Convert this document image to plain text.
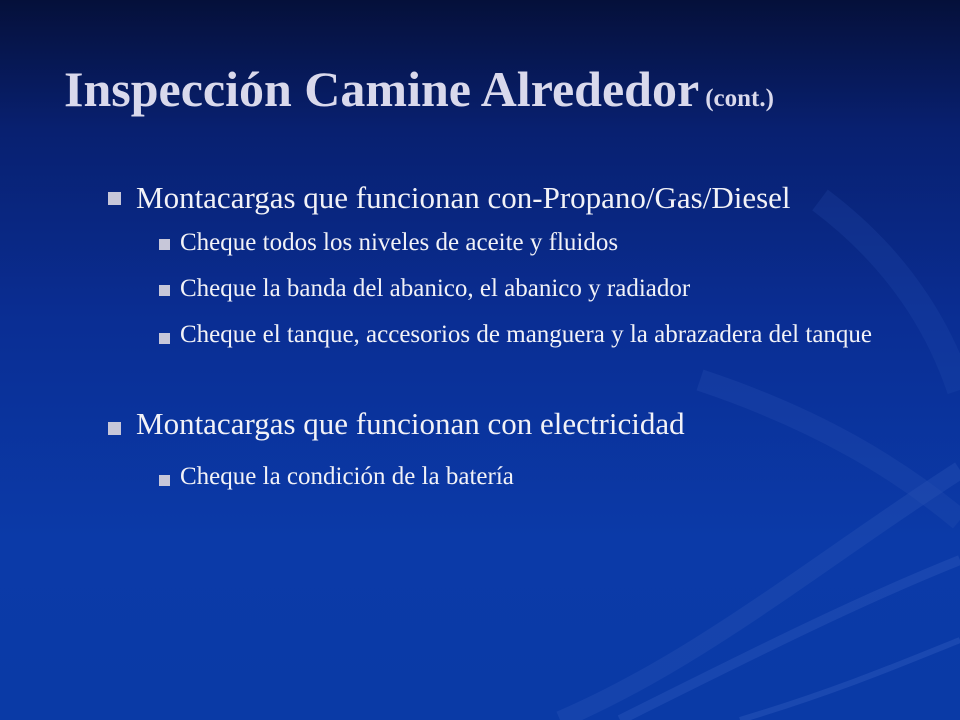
Inspección Camine Alrededor (cont.)
Montacargas que funcionan con-Propano/Gas/Diesel
Cheque todos los niveles de aceite y fluidos
Cheque la banda del abanico, el abanico y radiador
Cheque el tanque, accesorios de manguera y la abrazadera del tanque
Montacargas que funcionan con electricidad
Cheque la condición de la batería
